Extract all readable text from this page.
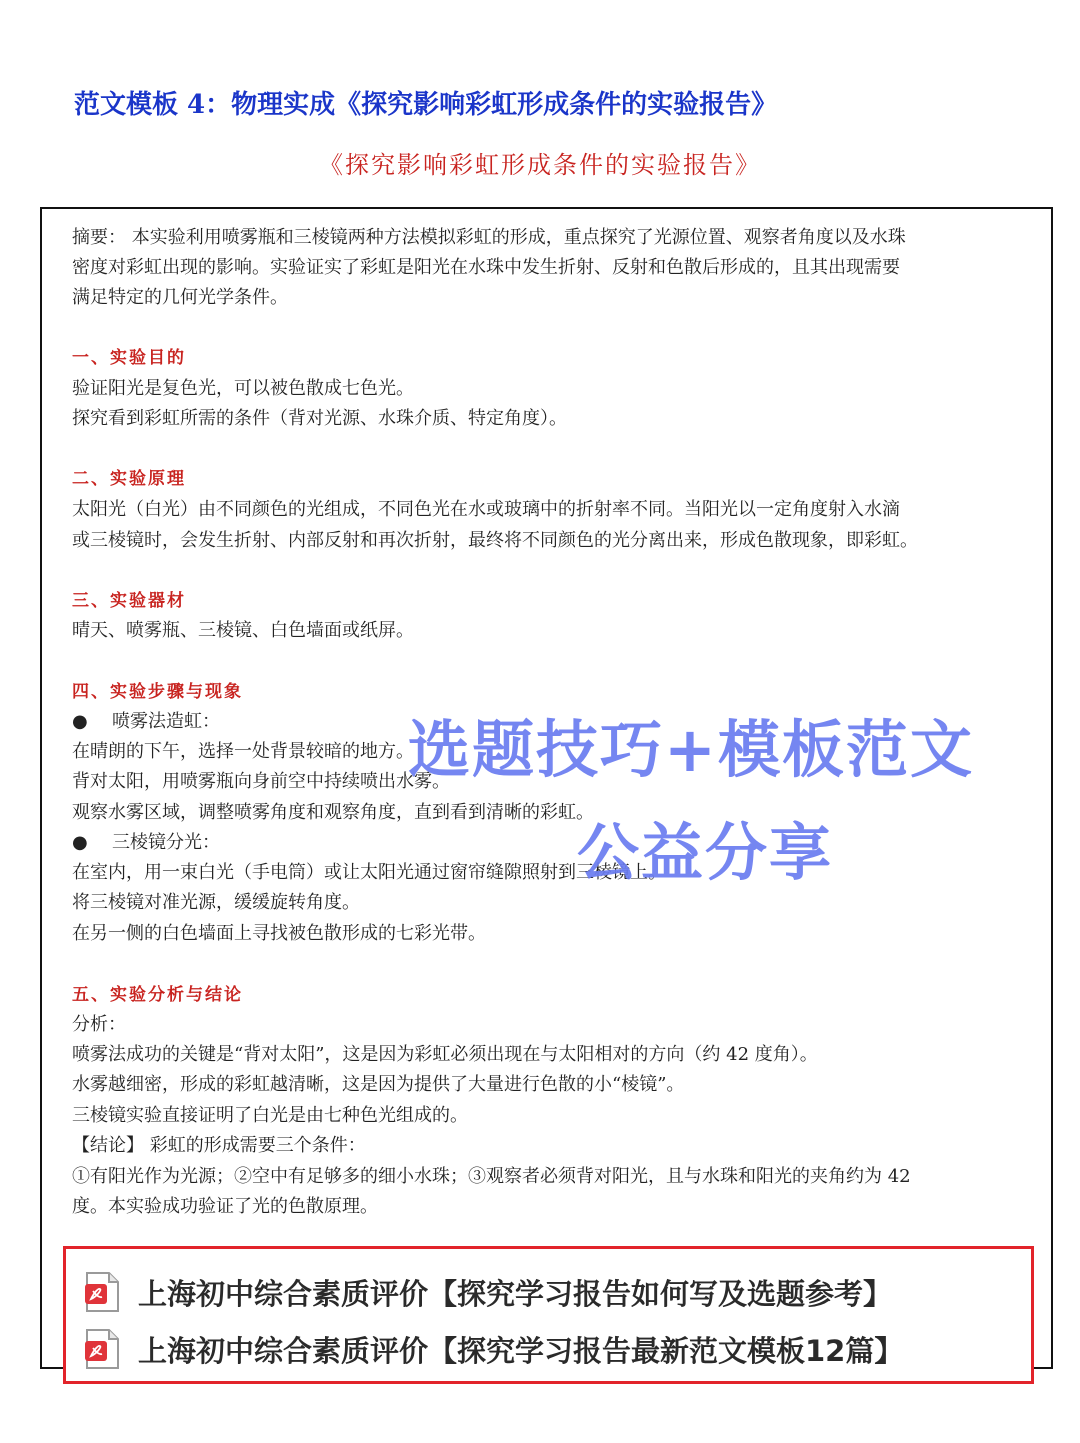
范文模板 4：物理实成《探究影响彩虹形成条件的实验报告》
《探究影响彩虹形成条件的实验报告》
摘要： 本实验利用喷雾瓶和三棱镜两种方法模拟彩虹的形成，重点探究了光源位置、观察者角度以及水珠
密度对彩虹出现的影响。实验证实了彩虹是阳光在水珠中发生折射、反射和色散后形成的，且其出现需要
满足特定的几何光学条件。
一、实验目的
验证阳光是复色光，可以被色散成七色光。
探究看到彩虹所需的条件（背对光源、水珠介质、特定角度）。
二、实验原理
太阳光（白光）由不同颜色的光组成，不同色光在水或玻璃中的折射率不同。当阳光以一定角度射入水滴
或三棱镜时，会发生折射、内部反射和再次折射，最终将不同颜色的光分离出来，形成色散现象，即彩虹。
三、实验器材
晴天、喷雾瓶、三棱镜、白色墙面或纸屏。
四、实验步骤与现象
● 喷雾法造虹：
在晴朗的下午，选择一处背景较暗的地方。
背对太阳，用喷雾瓶向身前空中持续喷出水雾。
观察水雾区域，调整喷雾角度和观察角度，直到看到清晰的彩虹。
● 三棱镜分光：
在室内，用一束白光（手电筒）或让太阳光通过窗帘缝隙照射到三棱镜上。
将三棱镜对准光源，缓缓旋转角度。
在另一侧的白色墙面上寻找被色散形成的七彩光带。
五、实验分析与结论
分析：
喷雾法成功的关键是“背对太阳”，这是因为彩虹必须出现在与太阳相对的方向（约 42 度角）。
水雾越细密，形成的彩虹越清晰，这是因为提供了大量进行色散的小“棱镜”。
三棱镜实验直接证明了白光是由七种色光组成的。
【结论】 彩虹的形成需要三个条件：
①有阳光作为光源；②空中有足够多的细小水珠；③观察者必须背对阳光，且与水珠和阳光的夹角约为 42
度。本实验成功验证了光的色散原理。
选题技巧+模板范文
公益分享
上海初中综合素质评价【探究学习报告如何写及选题参考】
上海初中综合素质评价【探究学习报告最新范文模板12篇】
